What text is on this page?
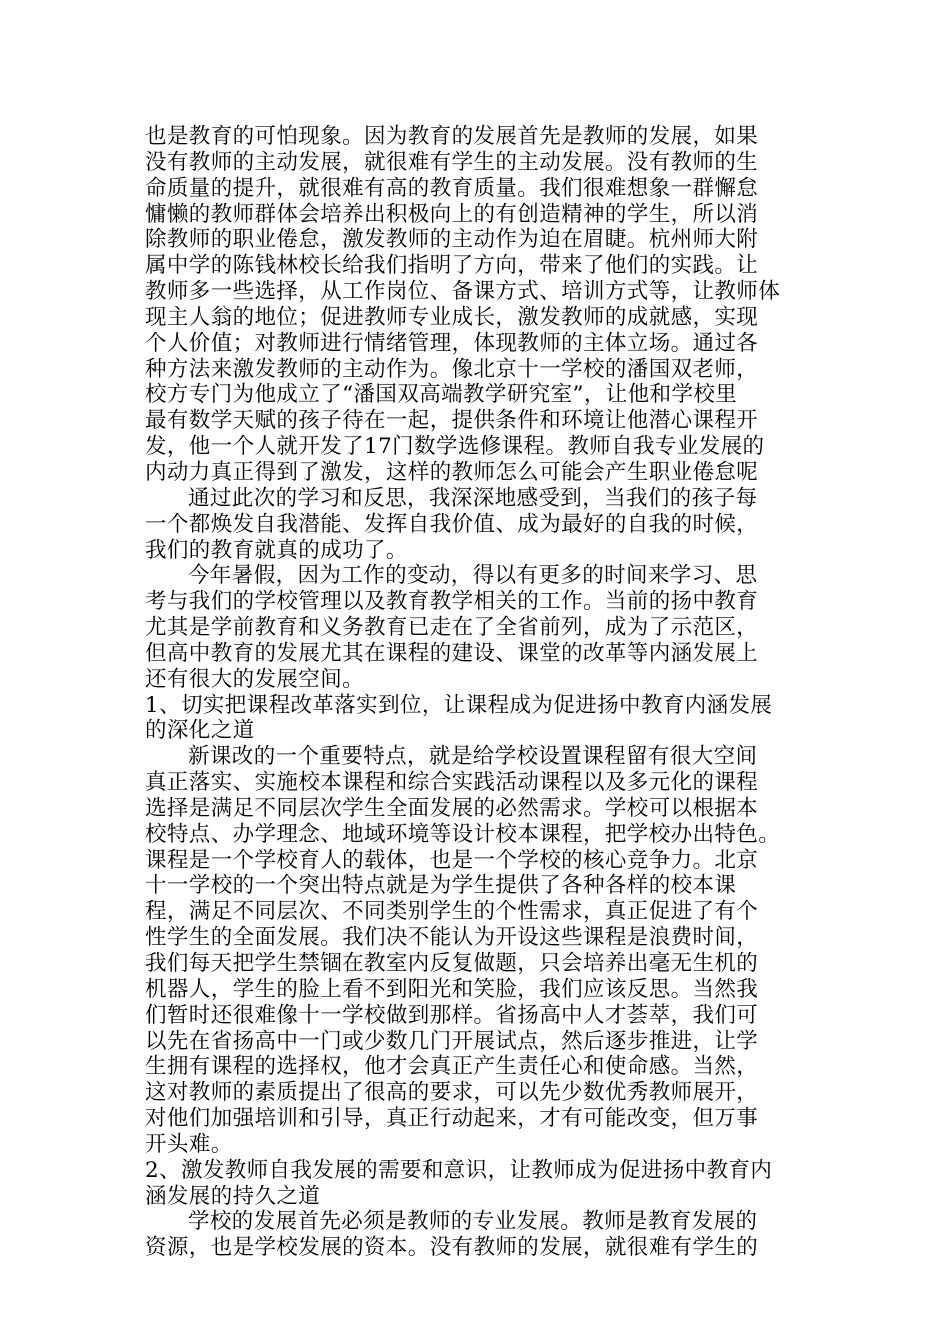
也是教育的可怕现象。因为教育的发展首先是教师的发展，如果
没有教师的主动发展，就很难有学生的主动发展。没有教师的生
命质量的提升，就很难有高的教育质量。我们很难想象一群懈怠
慵懒的教师群体会培养出积极向上的有创造精神的学生，所以消
除教师的职业倦怠，激发教师的主动作为迫在眉睫。杭州师大附
属中学的陈钱林校长给我们指明了方向，带来了他们的实践。让
教师多一些选择，从工作岗位、备课方式、培训方式等，让教师体
现主人翁的地位；促进教师专业成长，激发教师的成就感，实现
个人价值；对教师进行情绪管理，体现教师的主体立场。通过各
种方法来激发教师的主动作为。像北京十一学校的潘国双老师，
校方专门为他成立了“潘国双高端教学研究室”，让他和学校里
最有数学天赋的孩子待在一起，提供条件和环境让他潜心课程开
发，他一个人就开发了17门数学选修课程。教师自我专业发展的
内动力真正得到了激发，这样的教师怎么可能会产生职业倦怠呢
通过此次的学习和反思，我深深地感受到，当我们的孩子每
一个都焕发自我潜能、发挥自我价值、成为最好的自我的时候，
我们的教育就真的成功了。
今年暑假，因为工作的变动，得以有更多的时间来学习、思
考与我们的学校管理以及教育教学相关的工作。当前的扬中教育
尤其是学前教育和义务教育已走在了全省前列，成为了示范区，
但高中教育的发展尤其在课程的建设、课堂的改革等内涵发展上
还有很大的发展空间。
1、切实把课程改革落实到位，让课程成为促进扬中教育内涵发展
的深化之道
新课改的一个重要特点，就是给学校设置课程留有很大空间
真正落实、实施校本课程和综合实践活动课程以及多元化的课程
选择是满足不同层次学生全面发展的必然需求。学校可以根据本
校特点、办学理念、地域环境等设计校本课程，把学校办出特色。
课程是一个学校育人的载体，也是一个学校的核心竞争力。北京
十一学校的一个突出特点就是为学生提供了各种各样的校本课
程，满足不同层次、不同类别学生的个性需求，真正促进了有个
性学生的全面发展。我们决不能认为开设这些课程是浪费时间，
我们每天把学生禁锢在教室内反复做题，只会培养出毫无生机的
机器人，学生的脸上看不到阳光和笑脸，我们应该反思。当然我
们暂时还很难像十一学校做到那样。省扬高中人才荟萃，我们可
以先在省扬高中一门或少数几门开展试点，然后逐步推进，让学
生拥有课程的选择权，他才会真正产生责任心和使命感。当然，
这对教师的素质提出了很高的要求，可以先少数优秀教师展开，
对他们加强培训和引导，真正行动起来，才有可能改变，但万事
开头难。
2、激发教师自我发展的需要和意识，让教师成为促进扬中教育内
涵发展的持久之道
学校的发展首先必须是教师的专业发展。教师是教育发展的
资源，也是学校发展的资本。没有教师的发展，就很难有学生的
